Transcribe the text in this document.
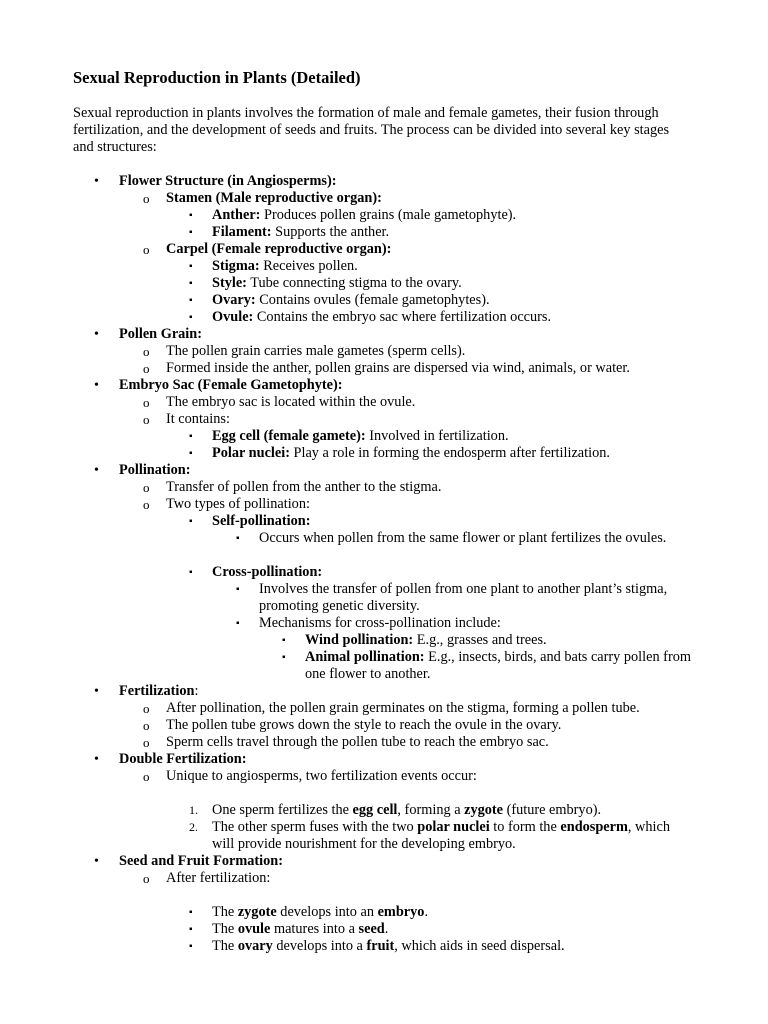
Sexual Reproduction in Plants (Detailed)

Sexual reproduction in plants involves the formation of male and female gametes, their fusion through fertilization, and the development of seeds and fruits. The process can be divided into several key stages and structures:

• Flower Structure (in Angiosperms):
o Stamen (Male reproductive organ):
▪ Anther: Produces pollen grains (male gametophyte).
▪ Filament: Supports the anther.
o Carpel (Female reproductive organ):
▪ Stigma: Receives pollen.
▪ Style: Tube connecting stigma to the ovary.
▪ Ovary: Contains ovules (female gametophytes).
▪ Ovule: Contains the embryo sac where fertilization occurs.
• Pollen Grain:
o The pollen grain carries male gametes (sperm cells).
o Formed inside the anther, pollen grains are dispersed via wind, animals, or water.
• Embryo Sac (Female Gametophyte):
o The embryo sac is located within the ovule.
o It contains:
▪ Egg cell (female gamete): Involved in fertilization.
▪ Polar nuclei: Play a role in forming the endosperm after fertilization.
• Pollination:
o Transfer of pollen from the anther to the stigma.
o Two types of pollination:
▪ Self-pollination:
▪ Occurs when pollen from the same flower or plant fertilizes the ovules.
▪ Cross-pollination:
▪ Involves the transfer of pollen from one plant to another plant’s stigma, promoting genetic diversity.
▪ Mechanisms for cross-pollination include:
▪ Wind pollination: E.g., grasses and trees.
▪ Animal pollination: E.g., insects, birds, and bats carry pollen from one flower to another.
• Fertilization:
o After pollination, the pollen grain germinates on the stigma, forming a pollen tube.
o The pollen tube grows down the style to reach the ovule in the ovary.
o Sperm cells travel through the pollen tube to reach the embryo sac.
• Double Fertilization:
o Unique to angiosperms, two fertilization events occur:
1. One sperm fertilizes the egg cell, forming a zygote (future embryo).
2. The other sperm fuses with the two polar nuclei to form the endosperm, which will provide nourishment for the developing embryo.
• Seed and Fruit Formation:
o After fertilization:
▪ The zygote develops into an embryo.
▪ The ovule matures into a seed.
▪ The ovary develops into a fruit, which aids in seed dispersal.
